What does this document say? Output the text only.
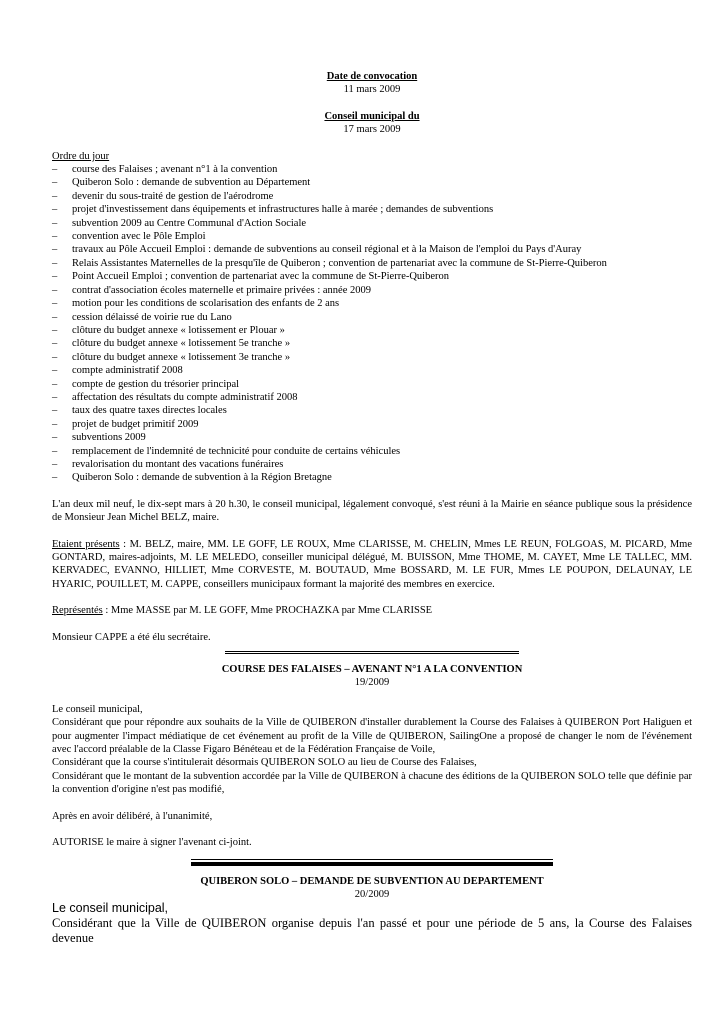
Date de convocation
11 mars 2009
Conseil municipal du
17 mars 2009
Ordre du jour
– course des Falaises ; avenant n°1 à la convention
– Quiberon Solo : demande de subvention au Département
– devenir du sous-traité de gestion de l'aérodrome
– projet d'investissement dans équipements et infrastructures halle à marée ; demandes de subventions
– subvention 2009 au Centre Communal d'Action Sociale
– convention avec le Pôle Emploi
– travaux au Pôle Accueil Emploi : demande de subventions au conseil régional et à la Maison de l'emploi du Pays d'Auray
– Relais Assistantes Maternelles de la presqu'île de Quiberon ; convention de partenariat avec la commune de St-Pierre-Quiberon
– Point Accueil Emploi ; convention de partenariat avec la commune de St-Pierre-Quiberon
– contrat d'association écoles maternelle et primaire privées : année 2009
– motion pour les conditions de scolarisation des enfants de 2 ans
– cession délaissé de voirie rue du Lano
– clôture du budget annexe « lotissement er Plouar »
– clôture du budget annexe « lotissement 5e tranche »
– clôture du budget annexe « lotissement 3e tranche »
– compte administratif 2008
– compte de gestion du trésorier principal
– affectation des résultats du compte administratif 2008
– taux des quatre taxes directes locales
– projet de budget primitif 2009
– subventions 2009
– remplacement de l'indemnité de technicité pour conduite de certains véhicules
– revalorisation du montant des vacations funéraires
– Quiberon Solo : demande de subvention à la Région Bretagne
L'an deux mil neuf, le dix-sept mars à 20 h.30, le conseil municipal, légalement convoqué, s'est réuni à la Mairie en séance publique sous la présidence de Monsieur Jean Michel BELZ, maire.
Etaient présents : M. BELZ, maire, MM. LE GOFF, LE ROUX, Mme CLARISSE, M. CHELIN, Mmes LE REUN, FOLGOAS, M. PICARD, Mme GONTARD, maires-adjoints, M. LE MELEDO, conseiller municipal délégué, M. BUISSON, Mme THOME, M. CAYET, Mme LE TALLEC, MM. KERVADEC, EVANNO, HILLIET, Mme CORVESTE, M. BOUTAUD, Mme BOSSARD, M. LE FUR, Mmes LE POUPON, DELAUNAY, LE HYARIC, POUILLET, M. CAPPE, conseillers municipaux formant la majorité des membres en exercice.
Représentés : Mme MASSE par M. LE GOFF, Mme PROCHAZKA par Mme CLARISSE
Monsieur CAPPE a été élu secrétaire.
COURSE DES FALAISES – AVENANT N°1 A LA CONVENTION
19/2009
Le conseil municipal,
Considérant que pour répondre aux souhaits de la Ville de QUIBERON d'installer durablement la Course des Falaises à QUIBERON Port Haliguen et pour augmenter l'impact médiatique de cet événement au profit de la Ville de QUIBERON, SailingOne a proposé de changer le nom de l'événement avec l'accord préalable de la Classe Figaro Bénéteau et de la Fédération Française de Voile,
Considérant que la course s'intitulerait désormais QUIBERON SOLO au lieu de Course des Falaises,
Considérant que le montant de la subvention accordée par la Ville de QUIBERON à chacune des éditions de la QUIBERON SOLO telle que définie par la convention d'origine n'est pas modifié,
Après en avoir délibéré, à l'unanimité,
AUTORISE le maire à signer l'avenant ci-joint.
QUIBERON SOLO – DEMANDE DE SUBVENTION AU DEPARTEMENT
20/2009
Le conseil municipal,
Considérant que la Ville de QUIBERON organise depuis l'an passé et pour une période de 5 ans, la Course des Falaises devenue
